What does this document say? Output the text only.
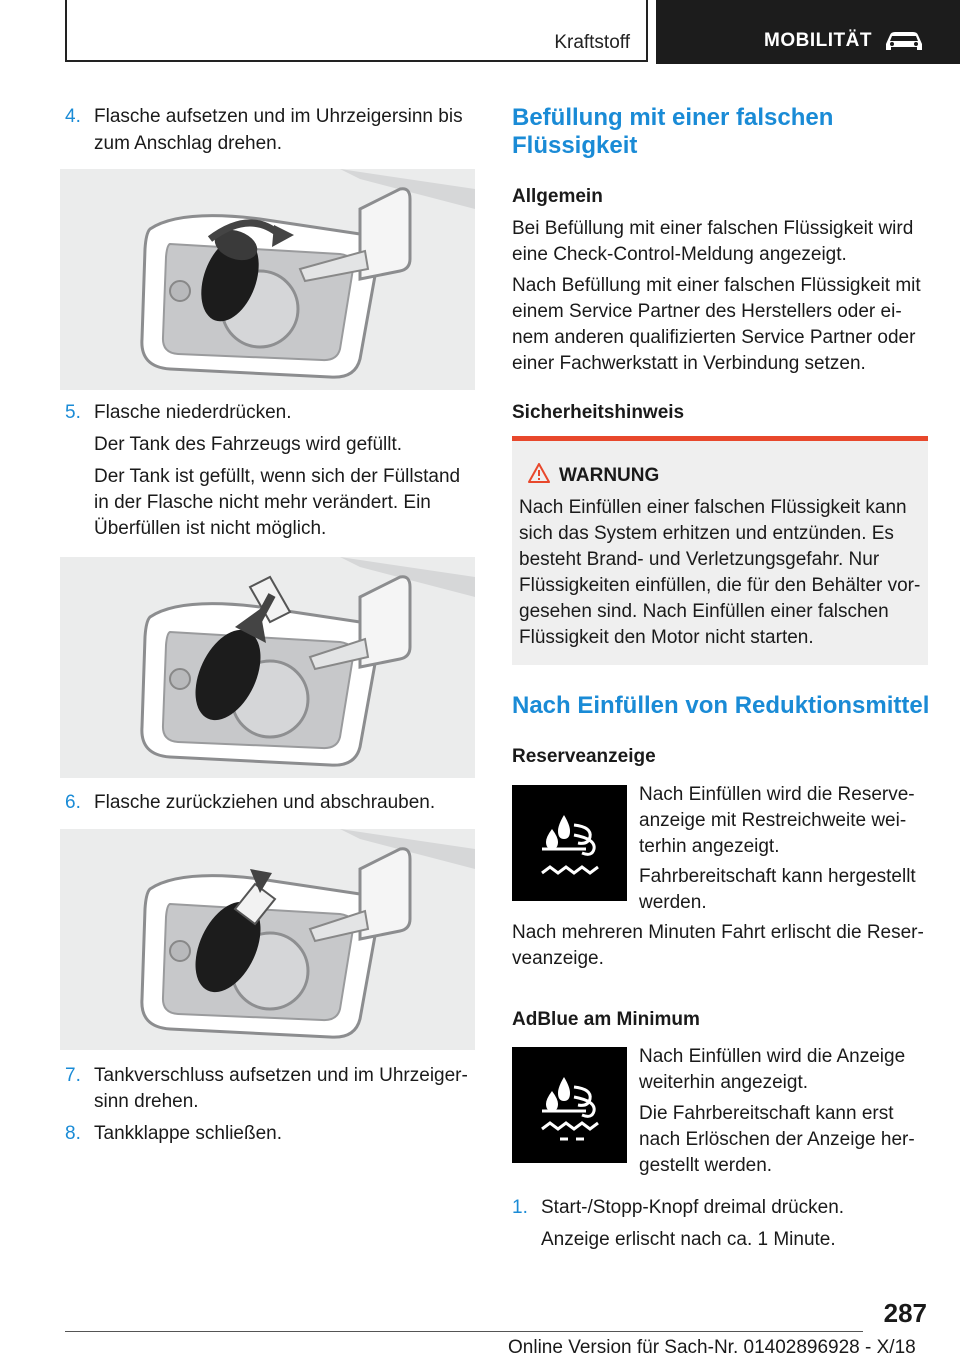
Kraftstoff	MOBILITÄT
4. Flasche aufsetzen und im Uhrzeigersinn bis
zum Anschlag drehen.
5. Flasche niederdrücken.
Der Tank des Fahrzeugs wird gefüllt.
Der Tank ist gefüllt, wenn sich der Füllstand
in der Flasche nicht mehr verändert. Ein
Überfüllen ist nicht möglich.
6. Flasche zurückziehen und abschrauben.
7. Tankverschluss aufsetzen und im Uhrzeiger-
sinn drehen.
8. Tankklappe schließen.
Befüllung mit einer falschen
Flüssigkeit
Allgemein
Bei Befüllung mit einer falschen Flüssigkeit wird
eine Check-Control-Meldung angezeigt.
Nach Befüllung mit einer falschen Flüssigkeit mit
einem Service Partner des Herstellers oder ei-
nem anderen qualifizierten Service Partner oder
einer Fachwerkstatt in Verbindung setzen.
Sicherheitshinweis
WARNUNG
Nach Einfüllen einer falschen Flüssigkeit kann
sich das System erhitzen und entzünden. Es
besteht Brand- und Verletzungsgefahr. Nur
Flüssigkeiten einfüllen, die für den Behälter vor-
gesehen sind. Nach Einfüllen einer falschen
Flüssigkeit den Motor nicht starten.
Nach Einfüllen von Reduktionsmittel
Reserveanzeige
Nach Einfüllen wird die Reserve-
anzeige mit Restreichweite wei-
terhin angezeigt.
Fahrbereitschaft kann hergestellt
werden.
Nach mehreren Minuten Fahrt erlischt die Reser-
veanzeige.
AdBlue am Minimum
Nach Einfüllen wird die Anzeige
weiterhin angezeigt.
Die Fahrbereitschaft kann erst
nach Erlöschen der Anzeige her-
gestellt werden.
1. Start-/Stopp-Knopf dreimal drücken.
Anzeige erlischt nach ca. 1 Minute.
287
Online Version für Sach-Nr. 01402896928 - X/18
